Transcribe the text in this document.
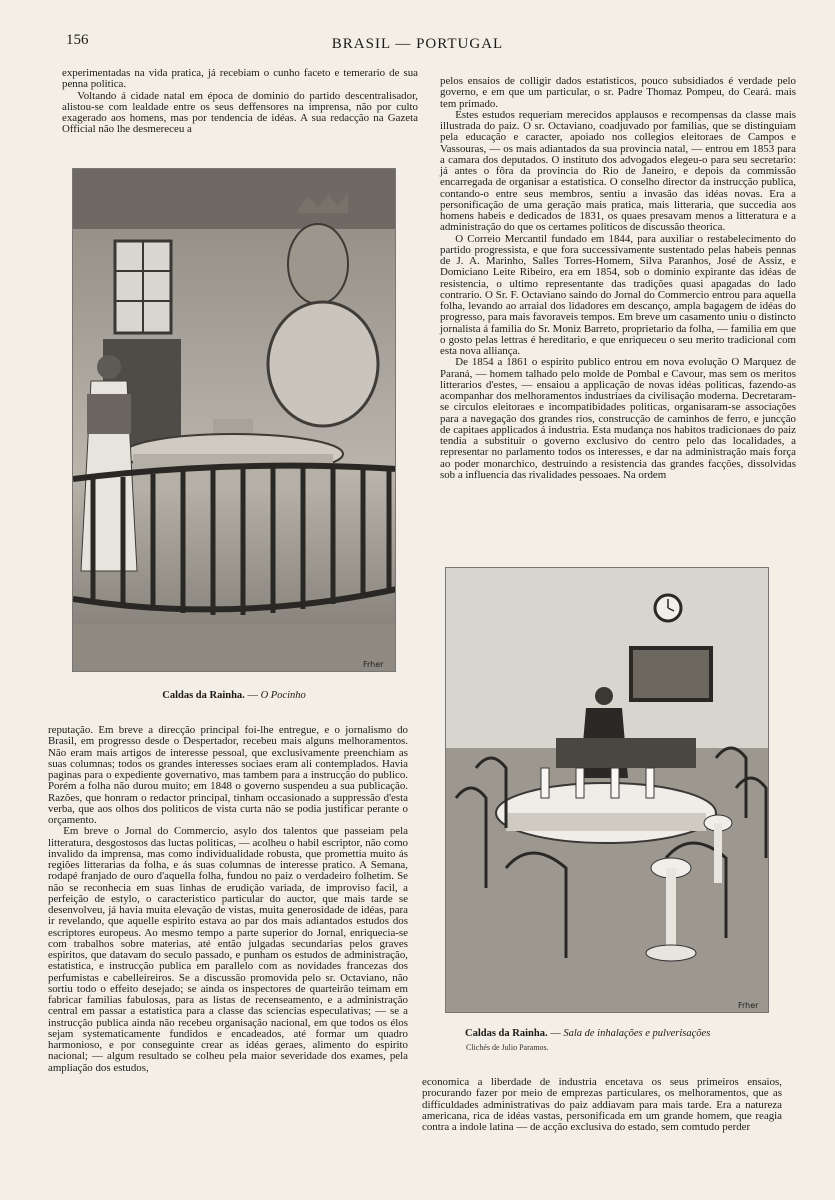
156	BRASIL — PORTUGAL

experimentadas na vida pratica, já recebiam o cunho faceto e temerario de sua penna politica.

Voltando á cidade natal em época de dominio do partido descentralisador, alistou-se com lealdade entre os seus deffensores na imprensa, não por culto exagerado aos homens, mas por tendencia de idéas. A sua redacção na Gazeta Official não lhe desmereceu a

Frher
Caldas da Rainha. — O Pocinho

reputação. Em breve a direcção principal foi-lhe entregue, e o jornalismo do Brasil, em progresso desde o Despertador, recebeu mais alguns melhoramentos. Não eram mais artigos de interesse pessoal, que exclusivamente preenchiam as suas columnas; todos os grandes interesses sociaes eram ali contemplados. Havia paginas para o expediente governativo, mas tambem para a instrucção do publico. Porém a folha não durou muito; em 1848 o governo suspendeu a sua publicação. Razões, que honram o redactor principal, tinham occasionado a suppressão d'esta verba, que aos olhos dos politicos de vista curta não se podia justificar perante o orçamento.

Em breve o Jornal do Commercio, asylo dos talentos que passeiam pela litteratura, desgostosos das luctas politicas, — acolheu o habil escriptor, não como invalido da imprensa, mas como individualidade robusta, que promettia muito ás regiões litterarias da folha, e ás suas columnas de interesse pratico. A Semana, rodapé franjado de ouro d'aquella folha, fundou no paiz o verdadeiro folhetim. Se não se reconhecia em suas linhas de erudição variada, de improviso facil, a perfeição de estylo, o caracteristico particular do auctor, que mais tarde se desenvolveu, já havia muita elevação de vistas, muita generosidade de idéas, para ir revelando, que aquelle espirito estava ao par dos mais adiantados estudos dos escriptores europeus. Ao mesmo tempo a parte superior do Jornal, enriquecia-se com trabalhos sobre materias, até então julgadas secundarias pelos graves espiritos, que datavam do seculo passado, e punham os estudos de administração, estatistica, e instrucção publica em parallelo com as novidades francezas dos perfumistas e cabelleireiros. Se a discussão promovida pelo sr. Octaviano, não sortiu todo o effeito desejado; se ainda os inspectores de quarteirão teimam em fabricar familias fabulosas, para as listas de recenseamento, e a administração central em passar a estatistica para a classe das sciencias especulativas; — se a instrucção publica ainda não recebeu organisação nacional, em que todos os élos sejam systematicamente fundidos e encadeados, até formar um quadro harmonioso, e por conseguinte crear as idéas geraes, alimento do espirito nacional; — algum resultado se colheu pela maior severidade dos exames, pela ampliação dos estudos,

pelos ensaios de colligir dados estatisticos, pouco subsidiados é verdade pelo governo, e em que um particular, o sr. Padre Thomaz Pompeu, do Ceará. mais tem primado.

Estes estudos requeriam merecidos applausos e recompensas da classe mais illustrada do paiz. O sr. Octaviano, coadjuvado por familias, que se distinguiam pela educação e caracter, apoiado nos collegios eleitoraes de Campos e Vassouras, — os mais adiantados da sua provincia natal, — entrou em 1853 para a camara dos deputados. O instituto dos advogados elegeu-o para seu secretario: já antes o fôra da provincia do Rio de Janeiro, e depois da commissão encarregada de organisar a estatistica. O conselho director da instrucção publica, contando-o entre seus membros, sentiu a invasão das idéas novas. Era a personificação de uma geração mais pratica, mais litteraria, que succedia aos homens habeis e dedicados de 1831, os quaes presavam menos a litteratura e a administração do que os certames politicos de discussão theorica.

O Correio Mercantil fundado em 1844, para auxiliar o restabelecimento do partido progressista, e que fora successivamente sustentado pelas habeis pennas de J. A. Marinho, Salles Torres-Homem, Silva Paranhos, José de Assiz, e Domiciano Leite Ribeiro, era em 1854, sob o dominio expirante das idéas de resistencia, o ultimo representante das tradições quasi apagadas do lado contrario. O Sr. F. Octaviano saindo do Jornal do Commercio entrou para aquella folha, levando ao arraial dos lidadores em descanço, ampla bagagem de idéas do progresso, para mais favoraveis tempos. Em breve um casamento uniu o distincto jornalista á familia do Sr. Moniz Barreto, proprietario da folha, — familia em que o gosto pelas lettras é hereditario, e que enriqueceu o seu merito tradicional com esta nova alliança.

De 1854 a 1861 o espirito publico entrou em nova evolução O Marquez de Paraná, — homem talhado pelo molde de Pombal e Cavour, mas sem os meritos litterarios d'estes, — ensaiou a applicação de novas idéas politicas, fazendo-as acompanhar dos melhoramentos industriaes da civilisação moderna. Decretaram-se circulos eleitoraes e incompatibidades politicas, organisaram-se associações para a navegação dos grandes rios, construcção de caminhos de ferro, e juncção de capitaes applicados á industria. Esta mudança nos habitos tradicionaes do paiz tendia a substituir o governo exclusivo do centro pelo das localidades, a representar no parlamento todos os interesses, e dar na administração mais força ao poder monarchico, destruindo a resistencia das grandes facções, dissolvidas sob a influencia das rivalidades pessoaes. Na ordem

Frher
Caldas da Rainha. — Sala de inhalações e pulverisações
Clichés de Julio Paramos.

economica a liberdade de industria encetava os seus primeiros ensaios, procurando fazer por meio de emprezas particulares, os melhoramentos, que as difficuldades administrativas do paiz addiavam para mais tarde. Era a natureza americana, rica de idéas vastas, personificada em um grande homem, que reagia contra a indole latina — de acção exclusiva do estado, sem comtudo perder
